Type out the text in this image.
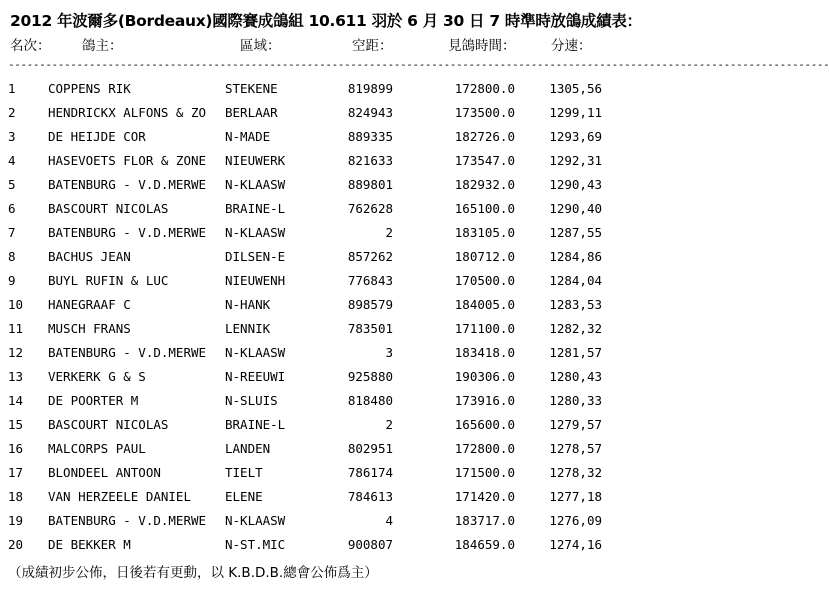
2012 年波爾多(Bordeaux)國際賽成鴿組 10.611 羽於 6 月 30 日 7 時準時放鴿成績表：
名次： 鴿主：	區域：	空距：	見鴿時間：	分速：
------------------------------------------------------------------------------------------------------------------------------------
1	COPPENS RIK	STEKENE	819899	172800.0	1305,56
2	HENDRICKX ALFONS & ZO	BERLAAR	824943	173500.0	1299,11
3	DE HEIJDE COR	N-MADE	889335	182726.0	1293,69
4	HASEVOETS FLOR & ZONE	NIEUWERK	821633	173547.0	1292,31
5	BATENBURG - V.D.MERWE	N-KLAASW	889801	182932.0	1290,43
6	BASCOURT NICOLAS	BRAINE-L	762628	165100.0	1290,40
7	BATENBURG - V.D.MERWE	N-KLAASW	2	183105.0	1287,55
8	BACHUS JEAN	DILSEN-E	857262	180712.0	1284,86
9	BUYL RUFIN & LUC	NIEUWENH	776843	170500.0	1284,04
10 HANEGRAAF C	N-HANK	898579	184005.0	1283,53
11 MUSCH FRANS	LENNIK	783501	171100.0	1282,32
12 BATENBURG - V.D.MERWE	N-KLAASW	3	183418.0	1281,57
13 VERKERK G & S	N-REEUWI	925880	190306.0	1280,43
14 DE POORTER M	N-SLUIS	818480	173916.0	1280,33
15 BASCOURT NICOLAS	BRAINE-L	2	165600.0	1279,57
16 MALCORPS PAUL	LANDEN	802951	172800.0	1278,57
17 BLONDEEL ANTOON	TIELT	786174	171500.0	1278,32
18 VAN HERZEELE DANIEL	ELENE	784613	171420.0	1277,18
19 BATENBURG - V.D.MERWE	N-KLAASW	4	183717.0	1276,09
20 DE BEKKER M	N-ST.MIC	900807	184659.0	1274,16
（成績初步公佈，日後若有更動，以 K.B.D.B.總會公佈爲主）
